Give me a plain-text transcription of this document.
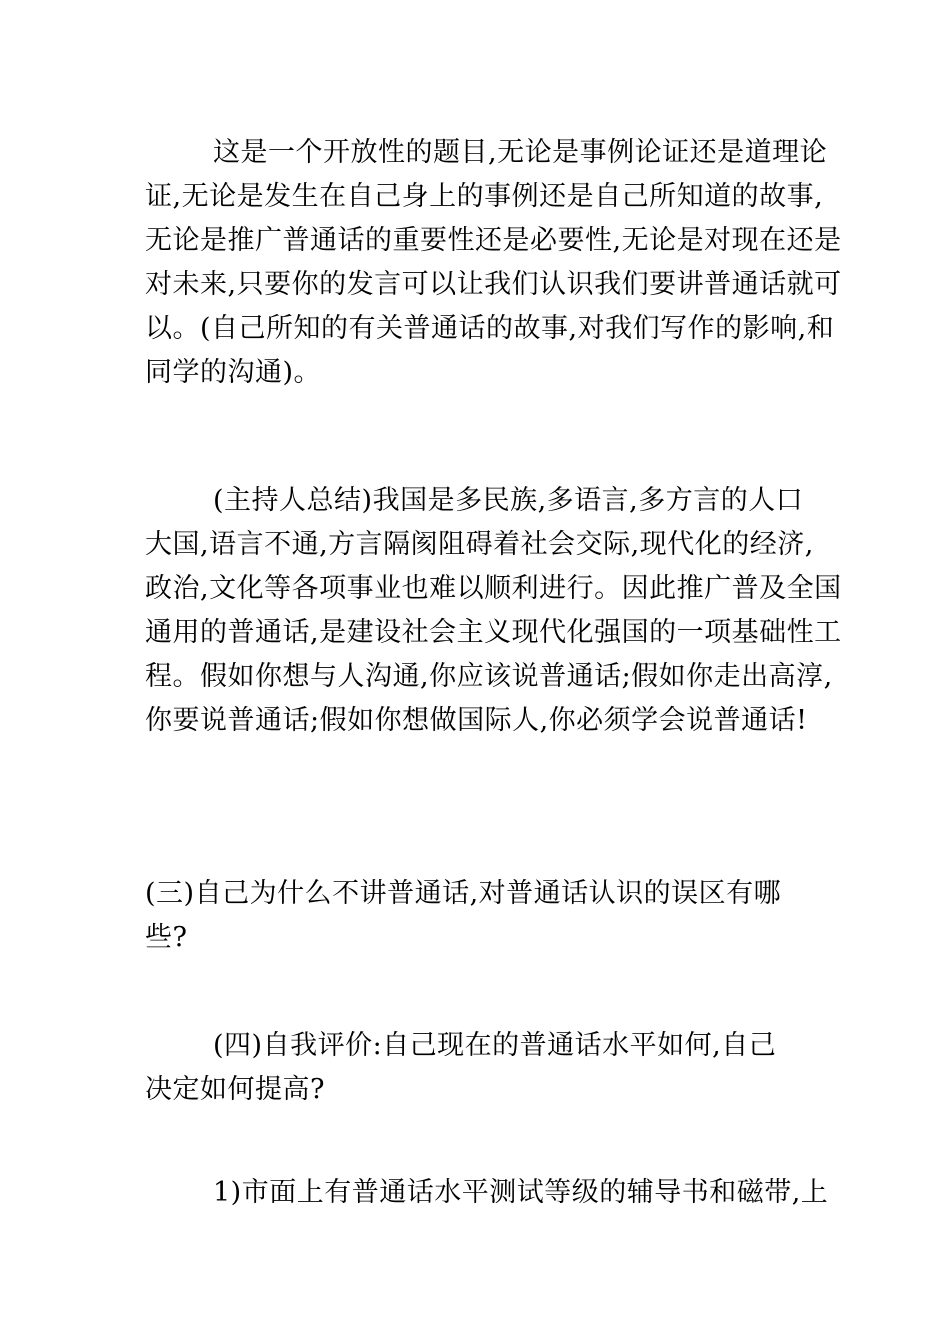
这是一个开放性的题目,无论是事例论证还是道理论
证,无论是发生在自己身上的事例还是自己所知道的故事,
无论是推广普通话的重要性还是必要性,无论是对现在还是
对未来,只要你的发言可以让我们认识我们要讲普通话就可
以。(自己所知的有关普通话的故事,对我们写作的影响,和
同学的沟通)。
(主持人总结)我国是多民族,多语言,多方言的人口
大国,语言不通,方言隔阂阻碍着社会交际,现代化的经济,
政治,文化等各项事业也难以顺利进行。因此推广普及全国
通用的普通话,是建设社会主义现代化强国的一项基础性工
程。假如你想与人沟通,你应该说普通话;假如你走出高淳,
你要说普通话;假如你想做国际人,你必须学会说普通话!
(三)自己为什么不讲普通话,对普通话认识的误区有哪
些?
(四)自我评价:自己现在的普通话水平如何,自己
决定如何提高?
1)市面上有普通话水平测试等级的辅导书和磁带,上
